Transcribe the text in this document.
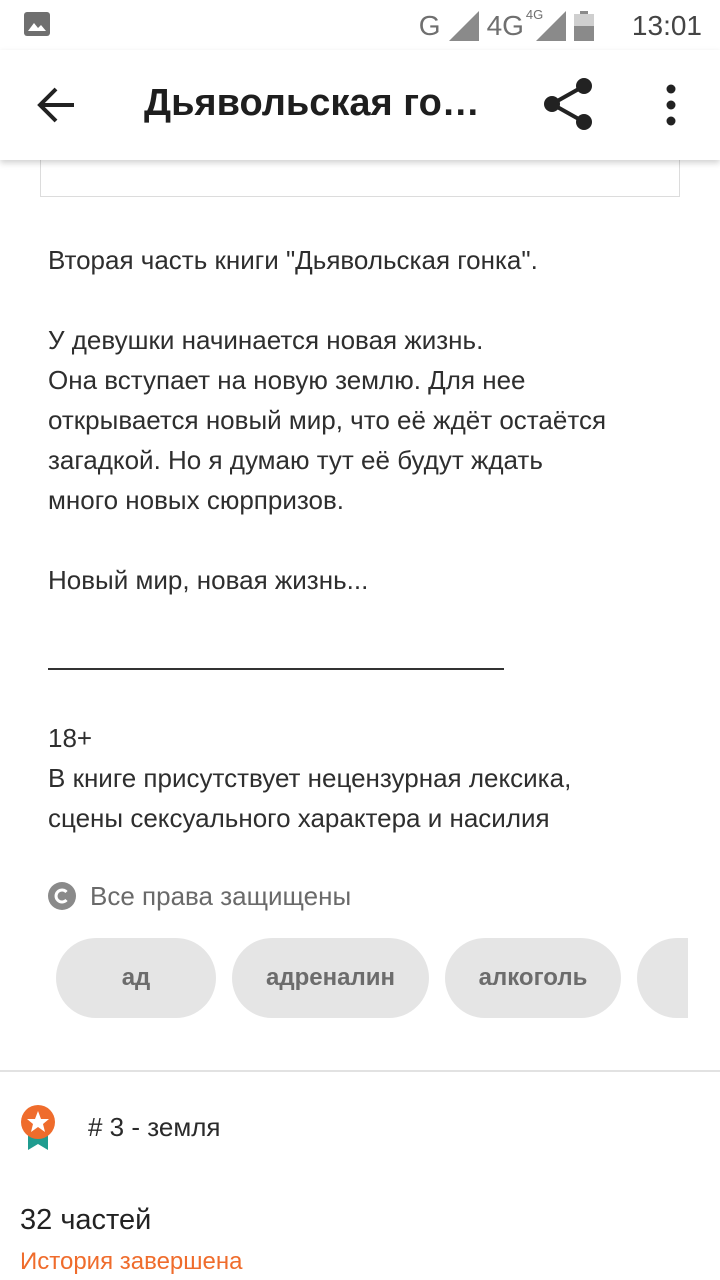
G 4G 4G	13:01
Дьявольская го…

Вторая часть книги "Дьявольская гонка".

У девушки начинается новая жизнь.

Она вступает на новую землю. Для нее

открывается новый мир, что её ждёт остаётся

загадкой. Но я думаю тут её будут ждать

много новых сюрпризов.

Новый мир, новая жизнь...

18+

В книге присутствует нецензурная лексика,

сцены сексуального характера и насилия

Все права защищены
ад	адреналин	алкоголь
# 3 - земля
32 частей
История завершена
